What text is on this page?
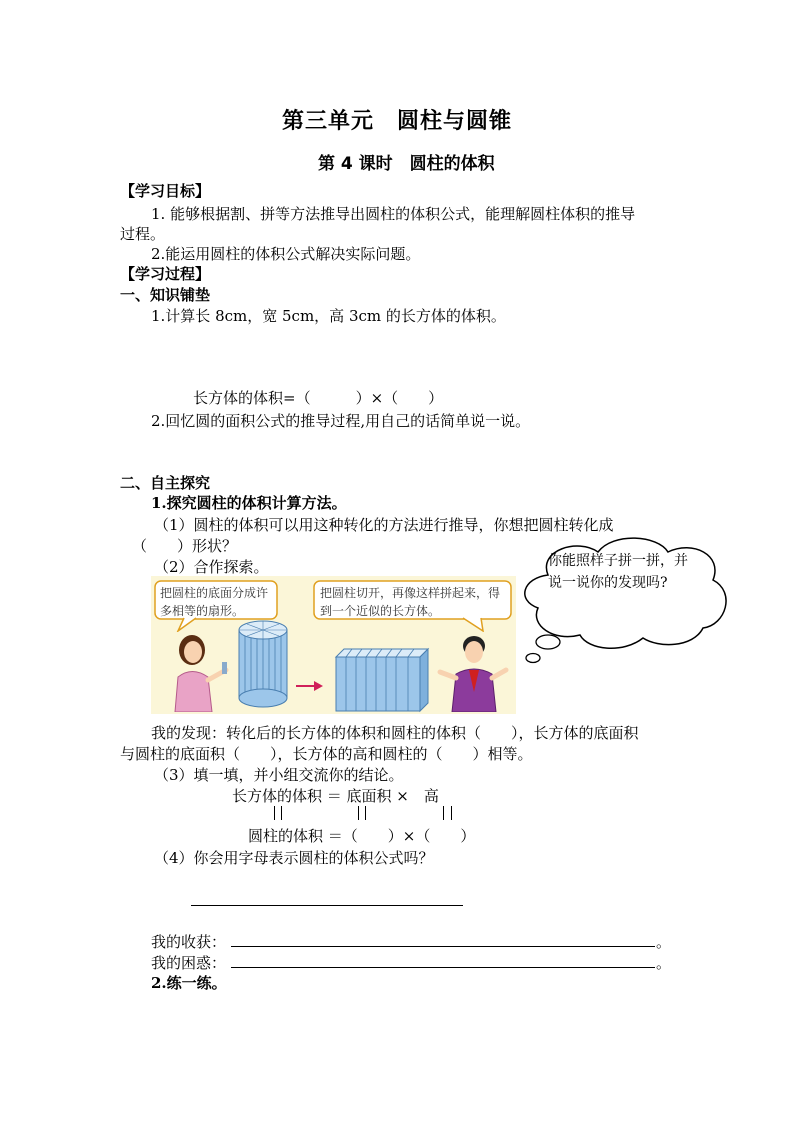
第三单元　圆柱与圆锥
第 4 课时　圆柱的体积
【学习目标】
1. 能够根据割、拼等方法推导出圆柱的体积公式，能理解圆柱体积的推导
过程。
2.能运用圆柱的体积公式解决实际问题。
【学习过程】
一、知识铺垫
1.计算长 8cm，宽 5cm，高 3cm 的长方体的体积。
长方体的体积=（　　　）×（　　）
2.回忆圆的面积公式的推导过程,用自己的话简单说一说。
二、自主探究
1.探究圆柱的体积计算方法。
（1）圆柱的体积可以用这种转化的方法进行推导，你想把圆柱转化成
（　　）形状？
（2）合作探索。	你能照样子拼一拼，并说一说你的发现吗?
把圆柱的底面分成许多相等的扇形。
把圆柱切开，再像这样拼起来，得到一个近似的长方体。
我的发现：转化后的长方体的体积和圆柱的体积（　　），长方体的底面积
与圆柱的底面积（　　），长方体的高和圆柱的（　　）相等。
（3）填一填，并小组交流你的结论。
长方体的体积 ＝ 底面积 ×　高
圆柱的体积 ＝（　　）×（　　）
（4）你会用字母表示圆柱的体积公式吗？
我的收获：	。
我的困惑：	。
2.练一练。
